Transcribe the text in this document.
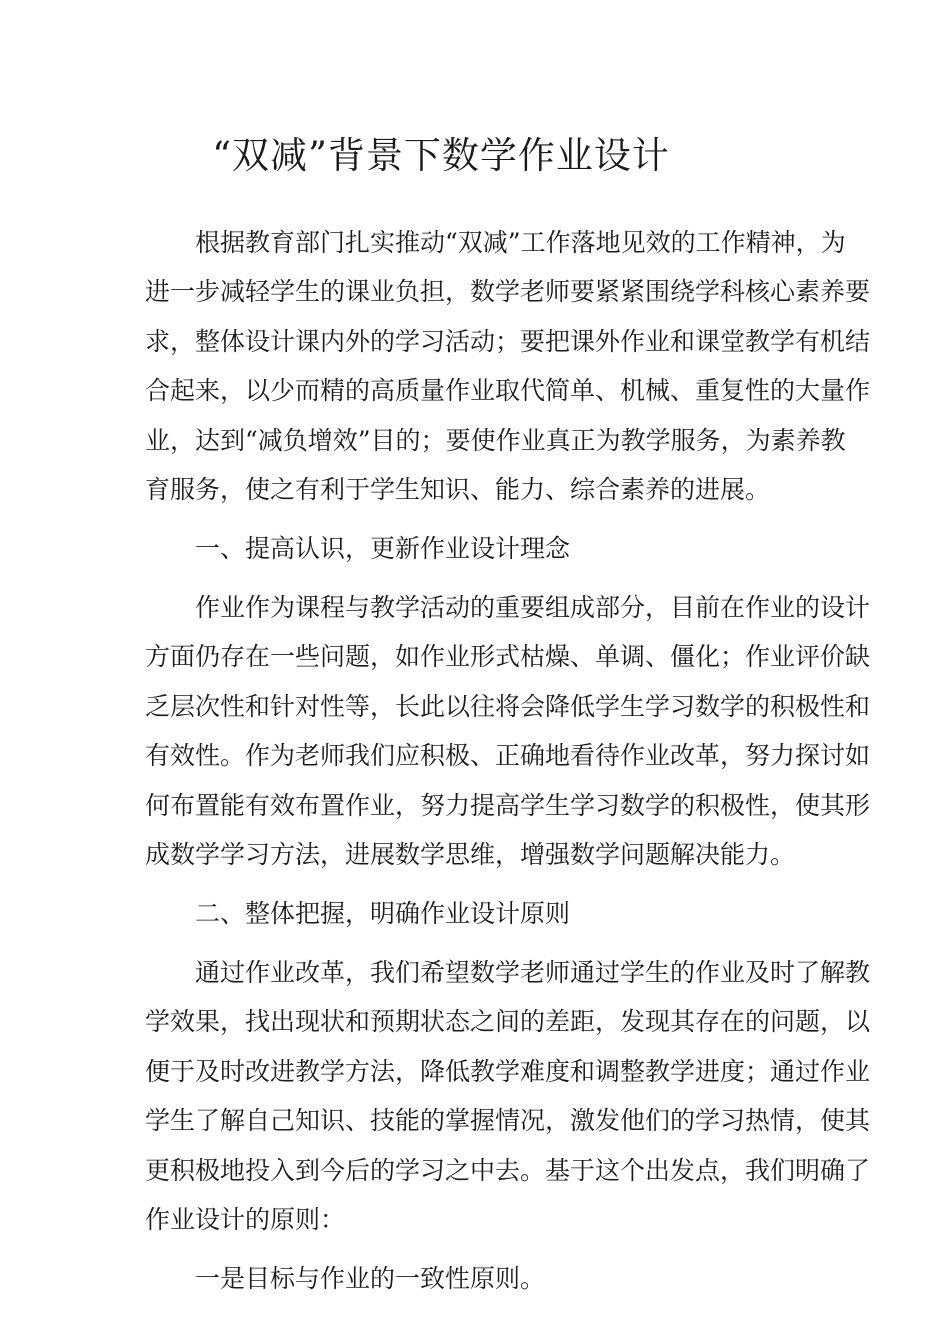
“双减”背景下数学作业设计
根据教育部门扎实推动“双减”工作落地见效的工作精神，为
进一步减轻学生的课业负担，数学老师要紧紧围绕学科核心素养要
求，整体设计课内外的学习活动；要把课外作业和课堂教学有机结
合起来，以少而精的高质量作业取代简单、机械、重复性的大量作
业，达到“减负增效”目的；要使作业真正为教学服务，为素养教
育服务，使之有利于学生知识、能力、综合素养的进展。
一、提高认识，更新作业设计理念
作业作为课程与教学活动的重要组成部分，目前在作业的设计
方面仍存在一些问题，如作业形式枯燥、单调、僵化；作业评价缺
乏层次性和针对性等，长此以往将会降低学生学习数学的积极性和
有效性。作为老师我们应积极、正确地看待作业改革，努力探讨如
何布置能有效布置作业，努力提高学生学习数学的积极性，使其形
成数学学习方法，进展数学思维，增强数学问题解决能力。
二、整体把握，明确作业设计原则
通过作业改革，我们希望数学老师通过学生的作业及时了解教
学效果，找出现状和预期状态之间的差距，发现其存在的问题，以
便于及时改进教学方法，降低教学难度和调整教学进度；通过作业
学生了解自己知识、技能的掌握情况，激发他们的学习热情，使其
更积极地投入到今后的学习之中去。基于这个出发点，我们明确了
作业设计的原则：
一是目标与作业的一致性原则。
